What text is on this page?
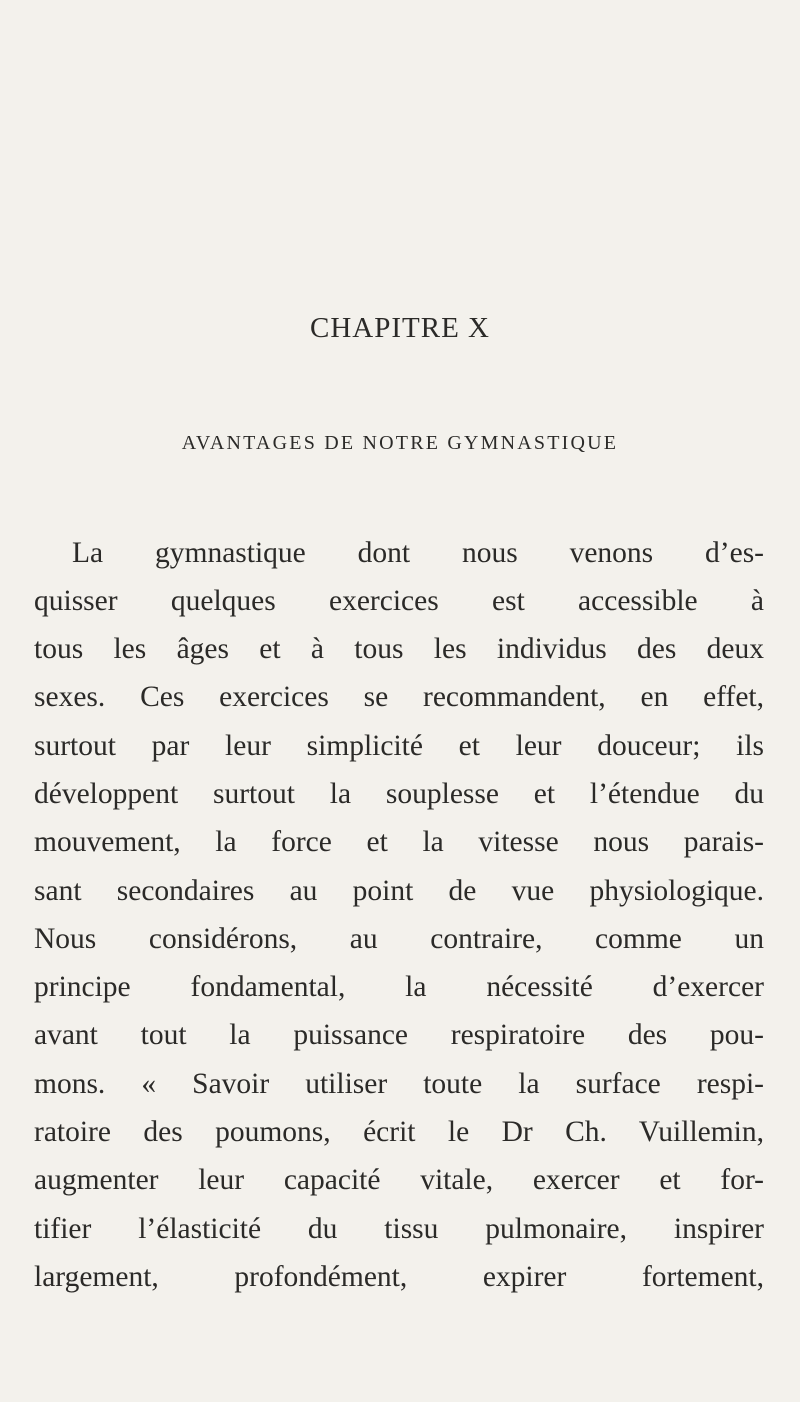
CHAPITRE X
AVANTAGES DE NOTRE GYMNASTIQUE
La gymnastique dont nous venons d’es-
quisser quelques exercices est accessible à
tous les âges et à tous les individus des deux
sexes. Ces exercices se recommandent, en effet,
surtout par leur simplicité et leur douceur; ils
développent surtout la souplesse et l’étendue du
mouvement, la force et la vitesse nous parais-
sant secondaires au point de vue physiologique.
Nous considérons, au contraire, comme un
principe fondamental, la nécessité d’exercer
avant tout la puissance respiratoire des pou-
mons. « Savoir utiliser toute la surface respi-
ratoire des poumons, écrit le Dr Ch. Vuillemin,
augmenter leur capacité vitale, exercer et for-
tifier l’élasticité du tissu pulmonaire, inspirer
largement, profondément, expirer fortement,
